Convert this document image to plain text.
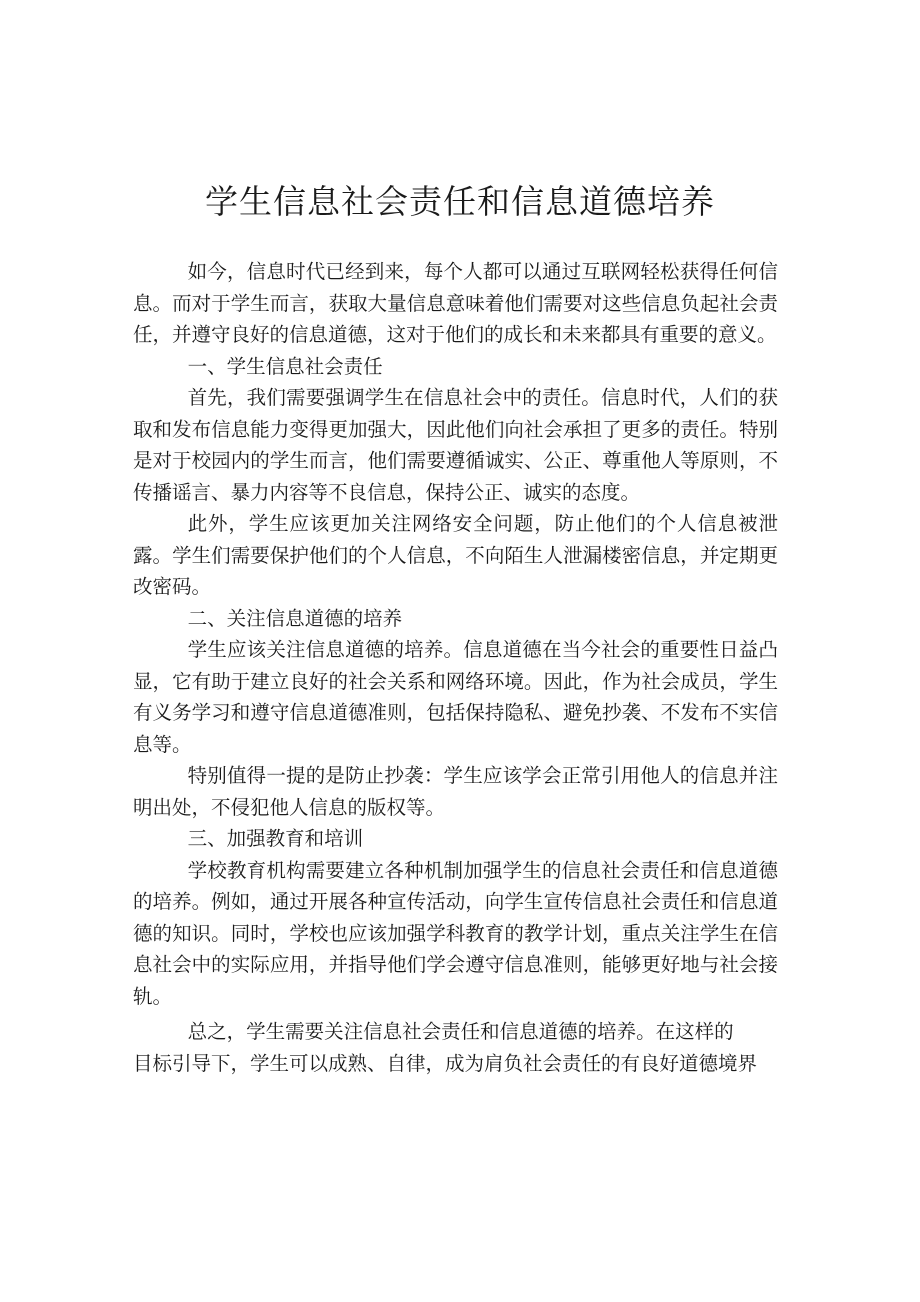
学生信息社会责任和信息道德培养

如今，信息时代已经到来，每个人都可以通过互联网轻松获得任何信息。而对于学生而言，获取大量信息意味着他们需要对这些信息负起社会责任，并遵守良好的信息道德，这对于他们的成长和未来都具有重要的意义。

一、学生信息社会责任

首先，我们需要强调学生在信息社会中的责任。信息时代，人们的获取和发布信息能力变得更加强大，因此他们向社会承担了更多的责任。特别是对于校园内的学生而言，他们需要遵循诚实、公正、尊重他人等原则，不传播谣言、暴力内容等不良信息，保持公正、诚实的态度。

此外，学生应该更加关注网络安全问题，防止他们的个人信息被泄露。学生们需要保护他们的个人信息，不向陌生人泄漏楼密信息，并定期更改密码。

二、关注信息道德的培养

学生应该关注信息道德的培养。信息道德在当今社会的重要性日益凸显，它有助于建立良好的社会关系和网络环境。因此，作为社会成员，学生有义务学习和遵守信息道德准则，包括保持隐私、避免抄袭、不发布不实信息等。

特别值得一提的是防止抄袭：学生应该学会正常引用他人的信息并注明出处，不侵犯他人信息的版权等。

三、加强教育和培训

学校教育机构需要建立各种机制加强学生的信息社会责任和信息道德的培养。例如，通过开展各种宣传活动，向学生宣传信息社会责任和信息道德的知识。同时，学校也应该加强学科教育的教学计划，重点关注学生在信息社会中的实际应用，并指导他们学会遵守信息准则，能够更好地与社会接轨。

总之，学生需要关注信息社会责任和信息道德的培养。在这样的
目标引导下，学生可以成熟、自律，成为肩负社会责任的有良好道德境界
